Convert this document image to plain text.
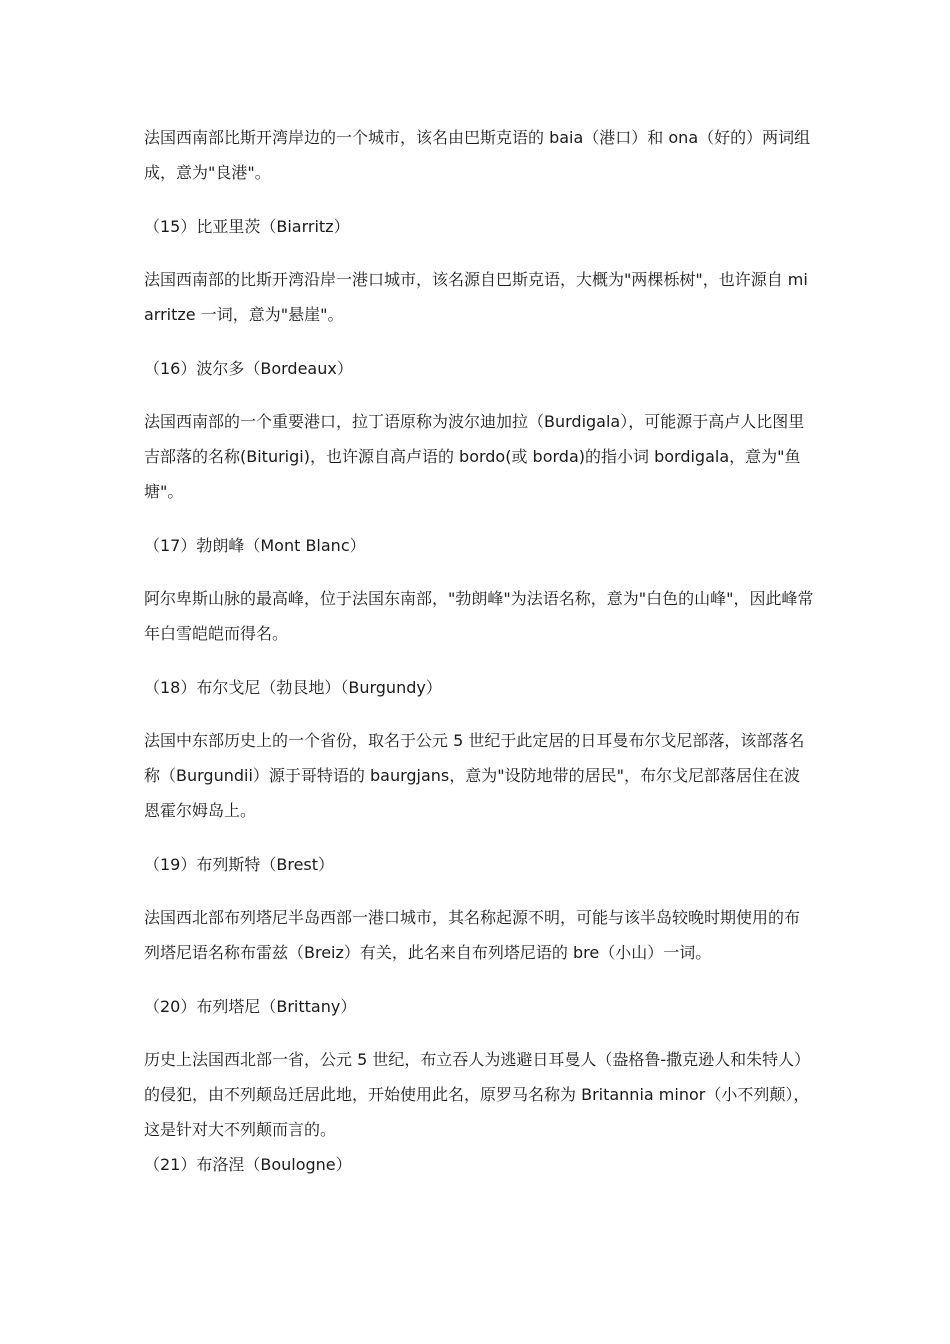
法国西南部比斯开湾岸边的一个城市，该名由巴斯克语的 baia（港口）和 ona（好的）两词组成，意为"良港"。

（15）比亚里茨（Biarritz）

法国西南部的比斯开湾沿岸一港口城市，该名源自巴斯克语，大概为"两棵栎树"，也许源自 miarritze 一词，意为"悬崖"。

（16）波尔多（Bordeaux）

法国西南部的一个重要港口，拉丁语原称为波尔迪加拉（Burdigala），可能源于高卢人比图里吉部落的名称(Biturigi)，也许源自高卢语的 bordo(或 borda)的指小词 bordigala，意为"鱼塘"。

（17）勃朗峰（Mont Blanc）

阿尔卑斯山脉的最高峰，位于法国东南部，"勃朗峰"为法语名称，意为"白色的山峰"，因此峰常年白雪皑皑而得名。

（18）布尔戈尼（勃艮地）（Burgundy）

法国中东部历史上的一个省份，取名于公元 5 世纪于此定居的日耳曼布尔戈尼部落，该部落名称（Burgundii）源于哥特语的 baurgjans，意为"设防地带的居民"，布尔戈尼部落居住在波恩霍尔姆岛上。

（19）布列斯特（Brest）

法国西北部布列塔尼半岛西部一港口城市，其名称起源不明，可能与该半岛较晚时期使用的布列塔尼语名称布雷兹（Breiz）有关，此名来自布列塔尼语的 bre（小山）一词。

（20）布列塔尼（Brittany）

历史上法国西北部一省，公元 5 世纪，布立吞人为逃避日耳曼人（盎格鲁-撒克逊人和朱特人）的侵犯，由不列颠岛迁居此地，开始使用此名，原罗马名称为 Britannia minor（小不列颠），这是针对大不列颠而言的。

（21）布洛涅（Boulogne）
